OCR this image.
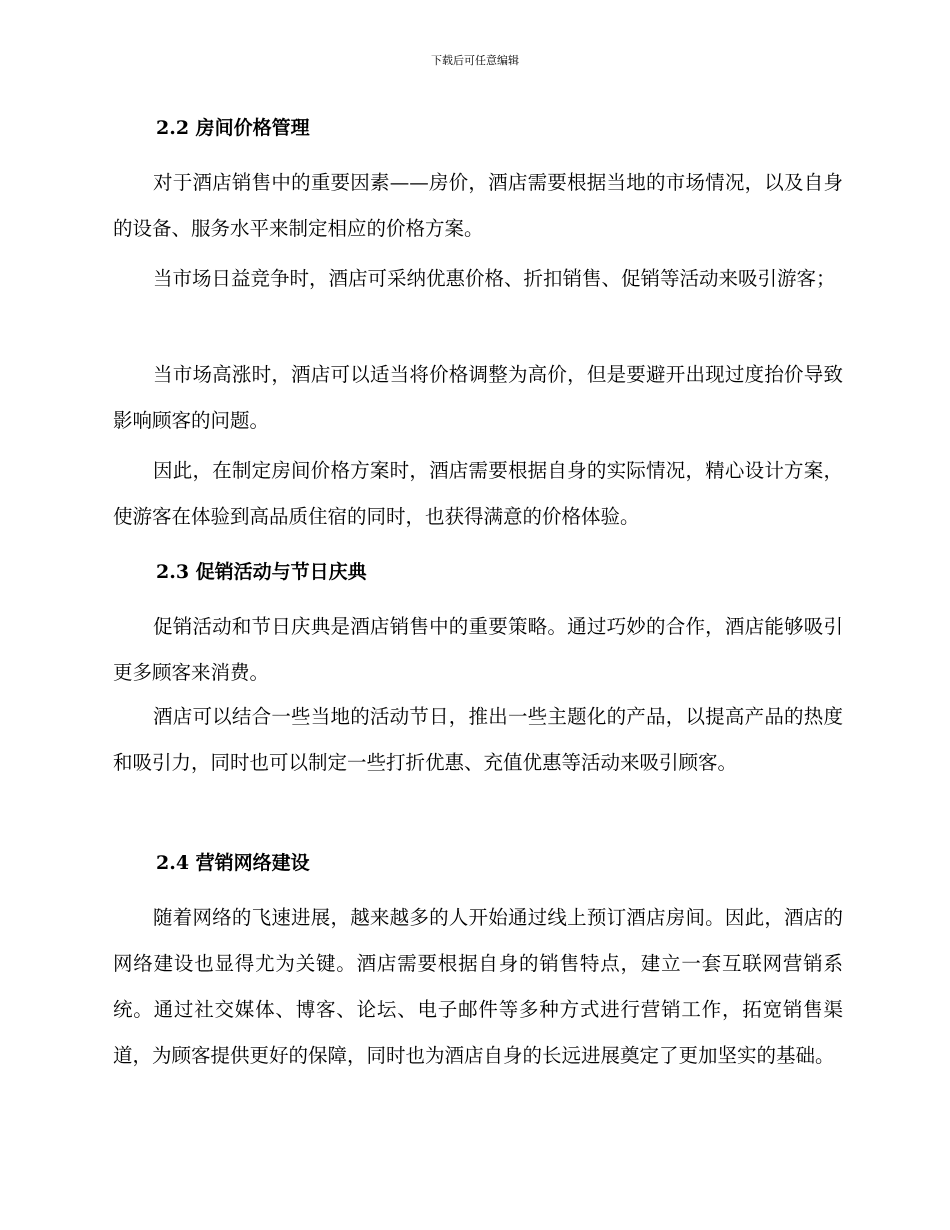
下载后可任意编辑
2.2 房间价格管理

对于酒店销售中的重要因素——房价，酒店需要根据当地的市场情况，以及自身的设备、服务水平来制定相应的价格方案。

当市场日益竞争时，酒店可采纳优惠价格、折扣销售、促销等活动来吸引游客；

当市场高涨时，酒店可以适当将价格调整为高价，但是要避开出现过度抬价导致影响顾客的问题。

因此，在制定房间价格方案时，酒店需要根据自身的实际情况，精心设计方案，使游客在体验到高品质住宿的同时，也获得满意的价格体验。

2.3 促销活动与节日庆典

促销活动和节日庆典是酒店销售中的重要策略。通过巧妙的合作，酒店能够吸引更多顾客来消费。

酒店可以结合一些当地的活动节日，推出一些主题化的产品，以提高产品的热度和吸引力，同时也可以制定一些打折优惠、充值优惠等活动来吸引顾客。

2.4 营销网络建设

随着网络的飞速进展，越来越多的人开始通过线上预订酒店房间。因此，酒店的网络建设也显得尤为关键。酒店需要根据自身的销售特点，建立一套互联网营销系统。通过社交媒体、博客、论坛、电子邮件等多种方式进行营销工作，拓宽销售渠道，为顾客提供更好的保障，同时也为酒店自身的长远进展奠定了更加坚实的基础。
